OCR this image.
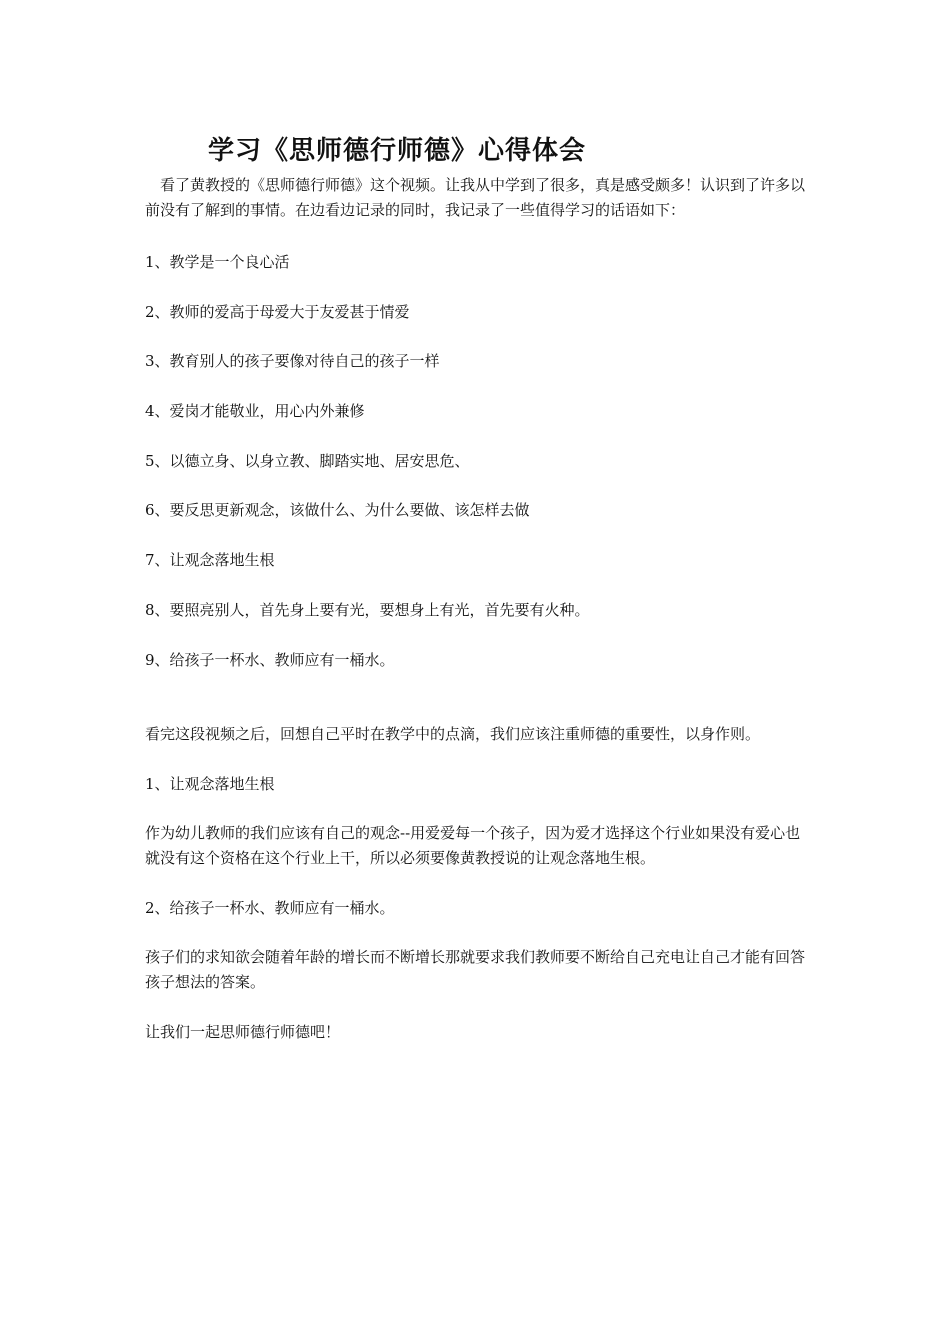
学习《思师德行师德》心得体会

看了黄教授的《思师德行师德》这个视频。让我从中学到了很多，真是感受颇多！认识到了许多以前没有了解到的事情。在边看边记录的同时，我记录了一些值得学习的话语如下：

1、教学是一个良心活

2、教师的爱高于母爱大于友爱甚于情爱

3、教育别人的孩子要像对待自己的孩子一样

4、爱岗才能敬业，用心内外兼修

5、以德立身、以身立教、脚踏实地、居安思危、

6、要反思更新观念，该做什么、为什么要做、该怎样去做

7、让观念落地生根

8、要照亮别人，首先身上要有光，要想身上有光，首先要有火种。

9、给孩子一杯水、教师应有一桶水。

看完这段视频之后，回想自己平时在教学中的点滴，我们应该注重师德的重要性，以身作则。

1、让观念落地生根

作为幼儿教师的我们应该有自己的观念--用爱爱每一个孩子，因为爱才选择这个行业如果没有爱心也就没有这个资格在这个行业上干，所以必须要像黄教授说的让观念落地生根。

2、给孩子一杯水、教师应有一桶水。

孩子们的求知欲会随着年龄的增长而不断增长那就要求我们教师要不断给自己充电让自己才能有回答孩子想法的答案。

让我们一起思师德行师德吧！
